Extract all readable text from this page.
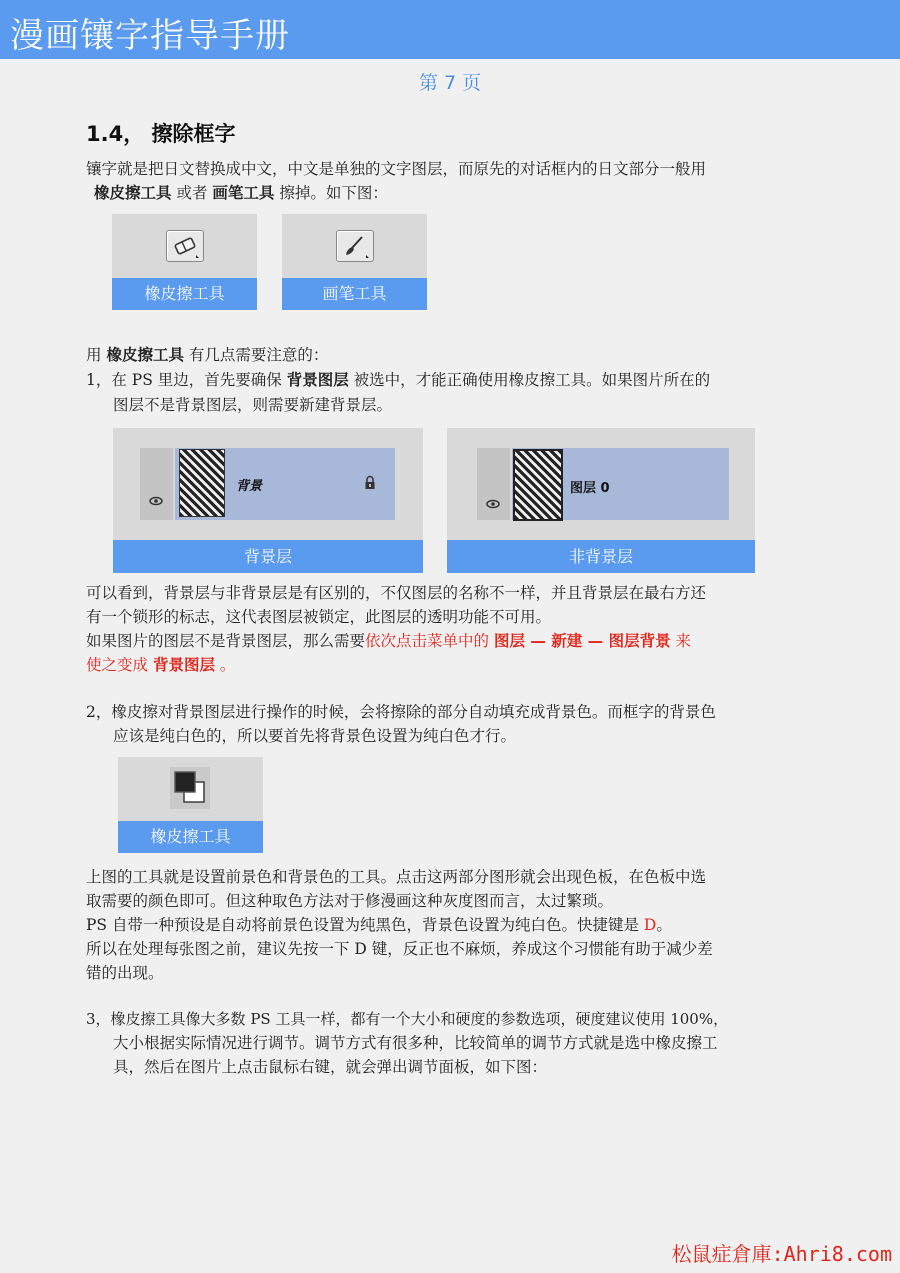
漫画镶字指导手册
第 7 页
1.4， 擦除框字
镶字就是把日文替换成中文，中文是单独的文字图层，而原先的对话框内的日文部分一般用
橡皮擦工具 或者 画笔工具 擦掉。如下图：
橡皮擦工具	画笔工具
用 橡皮擦工具 有几点需要注意的：
1，在 PS 里边，首先要确保 背景图层 被选中，才能正确使用橡皮擦工具。如果图片所在的
图层不是背景图层，则需要新建背景层。
背景
背景层
图层 0
非背景层
可以看到，背景层与非背景层是有区别的，不仅图层的名称不一样，并且背景层在最右方还
有一个锁形的标志，这代表图层被锁定，此图层的透明功能不可用。
如果图片的图层不是背景图层，那么需要依次点击菜单中的 图层 — 新建 — 图层背景 来
使之变成 背景图层 。
2，橡皮擦对背景图层进行操作的时候，会将擦除的部分自动填充成背景色。而框字的背景色
应该是纯白色的，所以要首先将背景色设置为纯白色才行。
橡皮擦工具
上图的工具就是设置前景色和背景色的工具。点击这两部分图形就会出现色板，在色板中选
取需要的颜色即可。但这种取色方法对于修漫画这种灰度图而言，太过繁琐。
PS 自带一种预设是自动将前景色设置为纯黑色，背景色设置为纯白色。快捷键是 D。
所以在处理每张图之前，建议先按一下 D 键，反正也不麻烦，养成这个习惯能有助于减少差
错的出现。
3，橡皮擦工具像大多数 PS 工具一样，都有一个大小和硬度的参数选项，硬度建议使用 100%，
大小根据实际情况进行调节。调节方式有很多种，比较简单的调节方式就是选中橡皮擦工
具，然后在图片上点击鼠标右键，就会弹出调节面板，如下图：
松鼠症倉庫:Ahri8.com
